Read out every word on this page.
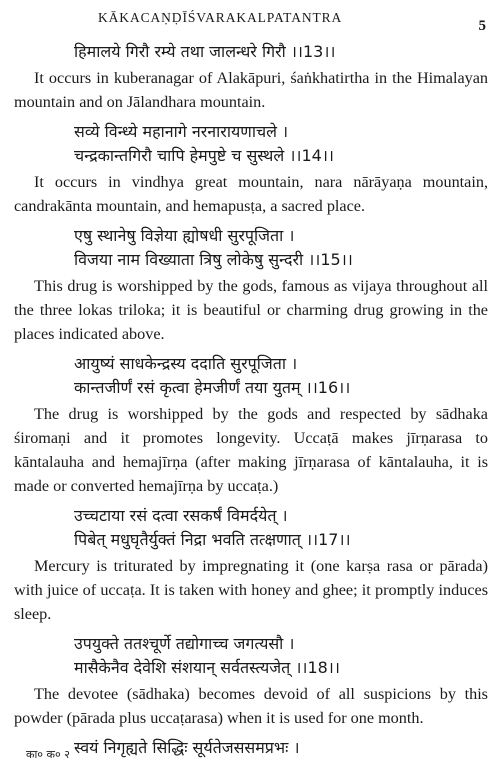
KĀKACAṆḌĪŚVARAKALPATANTRA
5
हिमालये गिरौ रम्ये तथा जालन्धरे गिरौ ।।13।।

It occurs in kuberanagar of Alakāpuri, śaṅkhatirtha in the Himalayan mountain and on Jālandhara mountain.

सव्ये विन्ध्ये महानागे नरनारायणाचले ।
चन्द्रकान्तगिरौ चापि हेमपुष्टे च सुस्थले ।।14।।

It occurs in vindhya great mountain, nara nārāyaṇa mountain, candrakānta mountain, and hemapusṭa, a sacred place.

एषु स्थानेषु विज्ञेया ह्योषधी सुरपूजिता ।
विजया नाम विख्याता त्रिषु लोकेषु सुन्दरी ।।15।।

This drug is worshipped by the gods, famous as vijaya throughout all the three lokas triloka; it is beautiful or charming drug growing in the places indicated above.

आयुष्यं साधकेन्द्रस्य ददाति सुरपूजिता ।
कान्तजीर्णं रसं कृत्वा हेमजीर्णं तया युतम् ।।16।।

The drug is worshipped by the gods and respected by sādhaka śiromaṇi and it promotes longevity. Uccaṭā makes jīrṇarasa to kāntalauha and hemajīrṇa (after making jīrṇarasa of kāntalauha, it is made or converted hemajīrṇa by uccaṭa.)

उच्चटाया रसं दत्वा रसकर्षं विमर्दयेत् ।
पिबेत् मधुघृतैर्युक्तं निद्रा भवति तत्क्षणात् ।।17।।

Mercury is triturated by impregnating it (one karṣa rasa or pārada) with juice of uccaṭa. It is taken with honey and ghee; it promptly induces sleep.

उपयुक्ते ततश्चूर्णे तद्योगाच्च जगत्यसौ ।
मासैकेनैव देवेशि संशयान् सर्वतस्त्यजेत् ।।18।।

The devotee (sādhaka) becomes devoid of all suspicions by this powder (pārada plus uccaṭarasa) when it is used for one month.

स्वयं निगृह्यते सिद्धिः सूर्यतेजससमप्रभः ।
का० क० २
